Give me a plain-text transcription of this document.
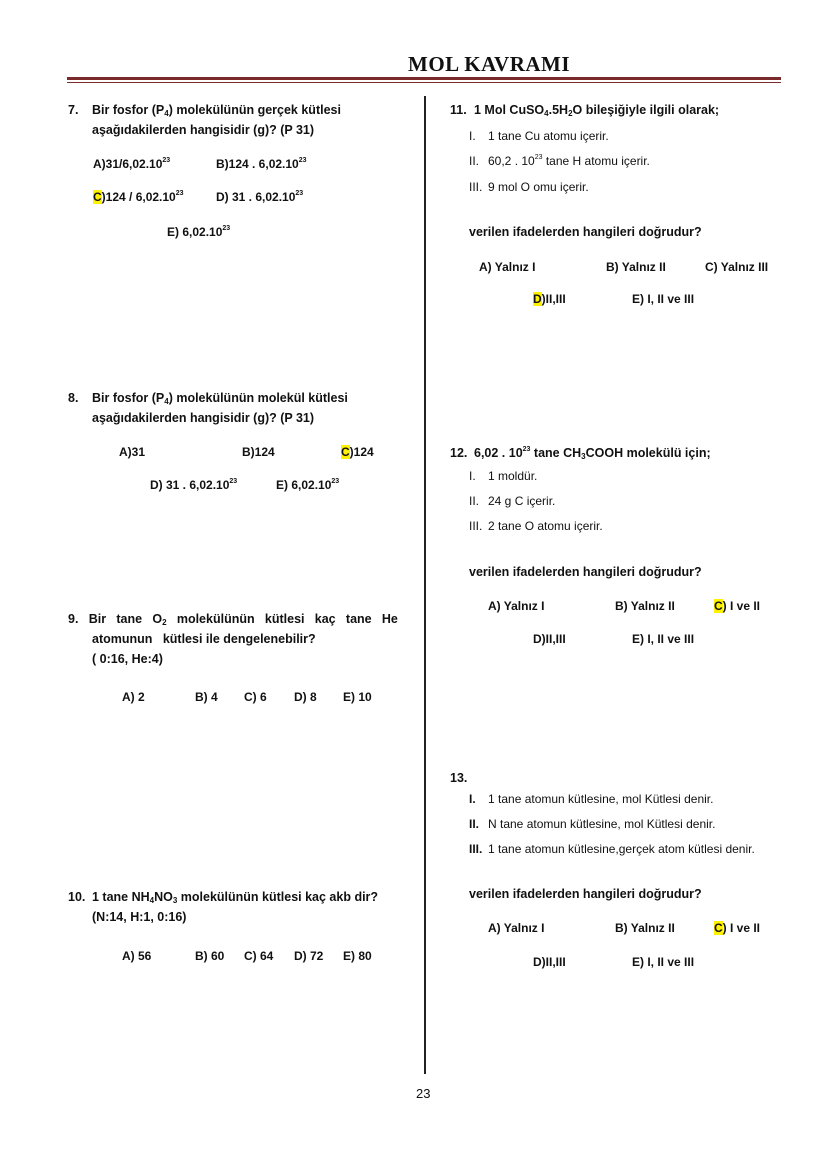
MOL KAVRAMI
7. Bir fosfor $(P_4)$ molekülünün gerçek kütlesi
aşağıdakilerden hangisidir (g)? (P 31)
A)31/6,02.10$^{23}$	B)124 . 6,02.10$^{23}$
C)124 / 6,02.10$^{23}$	D) 31 . 6,02.10$^{23}$
E) 6,02.10$^{23}$
8. Bir fosfor $(P_4)$ molekülünün molekül kütlesi
aşağıdakilerden hangisidir (g)? (P 31)
A)31	B)124	C)124
D) 31 . 6,02.10$^{23}$	E) 6,02.10$^{23}$
9. Bir tane $O_2$ molekülünün kütlesi kaç tane He
atomunun   kütlesi ile dengelenebilir?
( 0:16, He:4)
A) 2	B) 4 C) 6 D) 8 E) 10
10. 1 tane $NH_4NO_3$ molekülünün kütlesi kaç akb dir?
(N:14, H:1, 0:16)
A) 56	B) 60 C) 64 D) 72 E) 80
11. 1 Mol $CuSO_4.5H_2O$ bileşiğiyle ilgili olarak;
I. 1 tane Cu atomu içerir.
II. 60,2 . $10^{23}$ tane H atomu içerir.
III. 9 mol O omu içerir.
verilen ifadelerden hangileri doğrudur?
A) Yalnız I	B) Yalnız II	C) Yalnız III
D)II,III	E) I, II ve III
12. 6,02 . $10^{23}$ tane $CH_3COOH$ molekülü için;
I. 1 moldür.
II. 24 g C içerir.
III. 2 tane O atomu içerir.
verilen ifadelerden hangileri doğrudur?
A) Yalnız I	B) Yalnız II	C) I ve II
D)II,III	E) I, II ve III
13.
I. 1 tane atomun kütlesine, mol Kütlesi denir.
II. N tane atomun kütlesine, mol Kütlesi denir.
III. 1 tane atomun kütlesine,gerçek atom kütlesi denir.
verilen ifadelerden hangileri doğrudur?
A) Yalnız I	B) Yalnız II	C) I ve II
D)II,III	E) I, II ve III
23
